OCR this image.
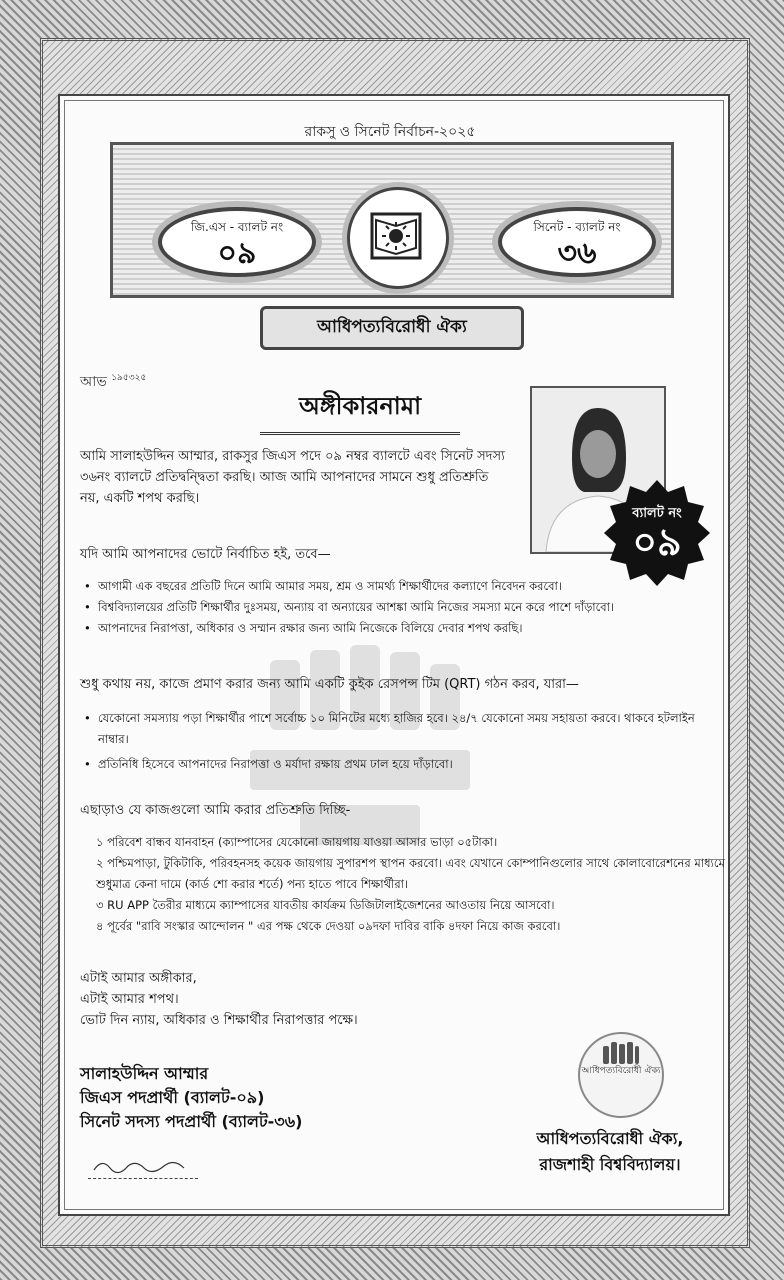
রাকসু ও সিনেট নির্বাচন-২০২৫
জি.এস - ব্যালট নং
০৯
সিনেট - ব্যালট নং
৩৬
আধিপত্যবিরোধী ঐক্য
আভ $^{১৯৫৩২৫}$
অঙ্গীকারনামা
ব্যালট নং
০৯
আমি সালাহউদ্দিন আম্মার, রাকসুর জিএস পদে ০৯ নম্বর ব্যালটে এবং সিনেট সদস্য ৩৬নং ব্যালটে প্রতিদ্বন্দ্বিতা করছি। আজ আমি আপনাদের সামনে শুধু প্রতিশ্রুতি নয়, একটি শপথ করছি।
যদি আমি আপনাদের ভোটে নির্বাচিত হই, তবে—
• আগামী এক বছরের প্রতিটি দিনে আমি আমার সময়, শ্রম ও সামর্থ্য শিক্ষার্থীদের কল্যাণে নিবেদন করবো।
• বিশ্ববিদ্যালয়ের প্রতিটি শিক্ষার্থীর দুঃসময়, অন্যায় বা অন্যায়ের আশঙ্কা আমি নিজের সমস্যা মনে করে পাশে দাঁড়াবো।
• আপনাদের নিরাপত্তা, অধিকার ও সম্মান রক্ষার জন্য আমি নিজেকে বিলিয়ে দেবার শপথ করছি।
শুধু কথায় নয়, কাজে প্রমাণ করার জন্য আমি একটি কুইক রেসপন্স টিম (QRT) গঠন করব, যারা—
• যেকোনো সমস্যায় পড়া শিক্ষার্থীর পাশে সর্বোচ্চ ১০ মিনিটের মধ্যে হাজির হবে। ২৪/৭ যেকোনো সময় সহায়তা করবে। থাকবে হটলাইন নাম্বার।
• প্রতিনিধি হিসেবে আপনাদের নিরাপত্তা ও মর্যাদা রক্ষায় প্রথম ঢাল হয়ে দাঁড়াবো।
এছাড়াও যে কাজগুলো আমি করার প্রতিশ্রুতি দিচ্ছি-
১ পরিবেশ বান্ধব যানবাহন (ক্যাম্পাসের যেকোনো জায়গায় যাওয়া আসার ভাড়া ০৫টাকা।
২ পশ্চিমপাড়া, টুকিটাকি, পরিবহনসহ কয়েক জায়গায় সুপারশপ স্থাপন করবো। এবং যেখানে কোম্পানিগুলোর সাথে কোলাবোরেশনের মাধ্যমে শুধুমাত্র কেনা দামে (কার্ড শো করার শর্তে) পন্য হাতে পাবে শিক্ষার্থীরা।
৩ RU APP তৈরীর মাধ্যমে ক্যাম্পাসের যাবতীয় কার্যক্রম ডিজিটালাইজেশনের আওতায় নিয়ে আসবো।
৪ পূর্বের "রাবি সংস্কার আন্দোলন " এর পক্ষ থেকে দেওয়া ০৯দফা দাবির বাকি ৪দফা নিয়ে কাজ করবো।
এটাই আমার অঙ্গীকার,
এটাই আমার শপথ।
ভোট দিন ন্যায়, অধিকার ও শিক্ষার্থীর নিরাপত্তার পক্ষে।
সালাহউদ্দিন আম্মার
জিএস পদপ্রার্থী (ব্যালট-০৯)
সিনেট সদস্য পদপ্রার্থী (ব্যালট-৩৬)
আধিপত্যবিরোধী ঐক্য
আধিপত্যবিরোধী ঐক্য,
রাজশাহী বিশ্ববিদ্যালয়।
